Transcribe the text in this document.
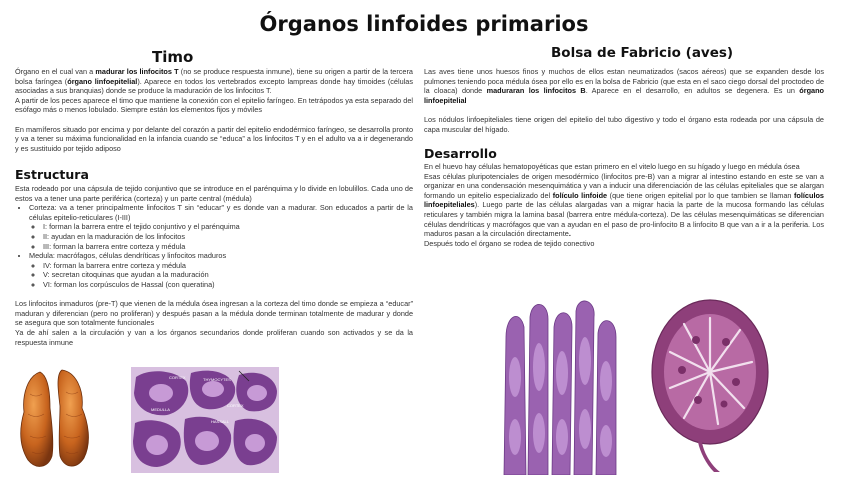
Órganos linfoides primarios
Timo

Órgano en el cual van a madurar los linfocitos T (no se produce respuesta inmune), tiene su origen a partir de la tercera bolsa faríngea (órgano linfoepitelial). Aparece en todos los vertebrados excepto lampreas donde hay timoides (células asociadas a sus branquias) donde se produce la maduración de los linfocitos T.

A partir de los peces aparece el timo que mantiene la conexión con el epitelio faríngeo. En tetrápodos ya esta separado del esófago más o menos lobulado. Siempre están los elementos fijos y móviles

En mamíferos situado por encima y por delante del corazón a partir del epitelio endodérmico faríngeo, se desarrolla pronto y va a tener su máxima funcionalidad en la infancia cuando se “educa” a los linfocitos T y en el adulto va a ir degenerando y es sustituido por tejido adiposo

Estructura

Esta rodeado por una cápsula de tejido conjuntivo que se introduce en el parénquima y lo divide en lobulillos. Cada uno de estos va a tener una parte periférica (corteza) y un parte central (médula)

• Corteza: va a tener principalmente linfocitos T sin “educar” y es donde van a madurar. Son educados a partir de la células epitelio-reticulares (I-III)
◦ I: forman la barrera entre el tejido conjuntivo y el parénquima
◦ II: ayudan en la maduración de los linfocitos
◦ III: forman la barrera entre corteza y médula
• Medula: macrófagos, células dendríticas y linfocitos maduros
◦ IV: forman la barrera entre corteza y médula
◦ V: secretan citoquinas que ayudan a la maduración
◦ VI: forman los corpúsculos de Hassal (con queratina)

Los linfocitos inmaduros (pre-T) que vienen de la médula ósea ingresan a la corteza del timo donde se empieza a “educar” maduran y diferencian (pero no proliferan) y después pasan a la médula donde terminan totalmente de madurar y donde se asegura que son totalmente funcionales

Ya de ahí salen a la circulación y van a los órganos secundarios donde proliferan cuando son activados y se da la respuesta inmune

CORTEX	THYMOCYTES
MEDULLA
HASSALL
CORTEX
Bolsa de Fabricio (aves)

Las aves tiene unos huesos finos y muchos de ellos estan neumatizados (sacos aéreos) que se expanden desde los pulmones teniendo poca médula ósea por ello es en la bolsa de Fabricio (que esta en el saco ciego dorsal del proctodeo de la cloaca) donde maduraran los linfocitos B. Aparece en el desarrollo, en adultos se degenera. Es un órgano linfoepitelial

Los nódulos linfoepiteliales tiene origen del epitelio del tubo digestivo y todo el órgano esta rodeada por una cápsula de capa muscular del hígado.

Desarrollo

En el huevo hay células hematopoyéticas que estan primero en el vitelo luego en su hígado y luego en médula ósea

Esas células pluripotenciales de origen mesodérmico (linfocitos pre-B) van a migrar al intestino estando en este se van a organizar en una condensación mesenquimática y van a inducir una diferenciación de las células epiteliales que se alargan formando un epitelio especializado del folículo linfoide (que tiene origen epitelial por lo que tambien se llaman folículos linfoepiteliales). Luego parte de las células alargadas van a migrar hacia la parte de la mucosa formando las células reticulares y también migra la lamina basal (barrera entre médula-corteza). De las células mesenquimáticas se diferencian células dendríticas y macrófagos que van a ayudan en el paso de pro-linfocito B a linfocito B que van a ir a la periferia. Los maduros pasan a la circulación directamente.

Después todo el órgano se rodea de tejido conectivo
